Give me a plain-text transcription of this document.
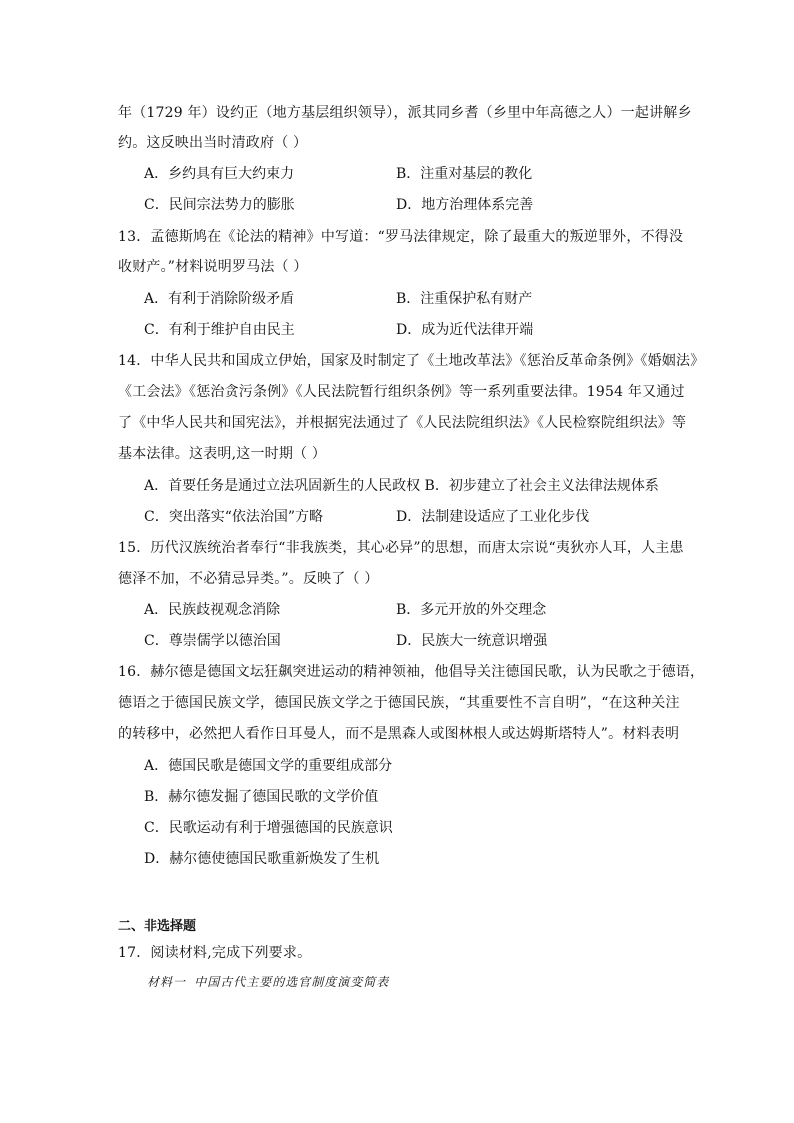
年（1729 年）设约正（地方基层组织领导），派其同乡耆（乡里中年高德之人）一起讲解乡
约。这反映出当时清政府（ ）
A．乡约具有巨大约束力	B．注重对基层的教化
C．民间宗法势力的膨胀	D．地方治理体系完善
13．孟德斯鸠在《论法的精神》中写道：“罗马法律规定，除了最重大的叛逆罪外，不得没
收财产。”材料说明罗马法（ ）
A．有利于消除阶级矛盾	B．注重保护私有财产
C．有利于维护自由民主	D．成为近代法律开端
14．中华人民共和国成立伊始，国家及时制定了《土地改革法》《惩治反革命条例》《婚姻法》
《工会法》《惩治贪污条例》《人民法院暂行组织条例》等一系列重要法律。1954 年又通过
了《中华人民共和国宪法》，并根据宪法通过了《人民法院组织法》《人民检察院组织法》等
基本法律。这表明,这一时期（ ）
A．首要任务是通过立法巩固新生的人民政权 B．初步建立了社会主义法律法规体系
C．突出落实“依法治国”方略	D．法制建设适应了工业化步伐
15．历代汉族统治者奉行“非我族类，其心必异”的思想，而唐太宗说“夷狄亦人耳，人主患
德泽不加，不必猜忌异类。”。反映了（ ）
A．民族歧视观念消除	B．多元开放的外交理念
C．尊崇儒学以德治国	D．民族大一统意识增强
16．赫尔德是德国文坛狂飙突进运动的精神领袖，他倡导关注德国民歌，认为民歌之于德语，
德语之于德国民族文学，德国民族文学之于德国民族，“其重要性不言自明”，“在这种关注
的转移中，必然把人看作日耳曼人，而不是黑森人或图林根人或达姆斯塔特人”。材料表明
A．德国民歌是德国文学的重要组成部分
B．赫尔德发掘了德国民歌的文学价值
C．民歌运动有利于增强德国的民族意识
D．赫尔德使德国民歌重新焕发了生机
二、非选择题
17．阅读材料,完成下列要求。
材料一 中国古代主要的选官制度演变简表
